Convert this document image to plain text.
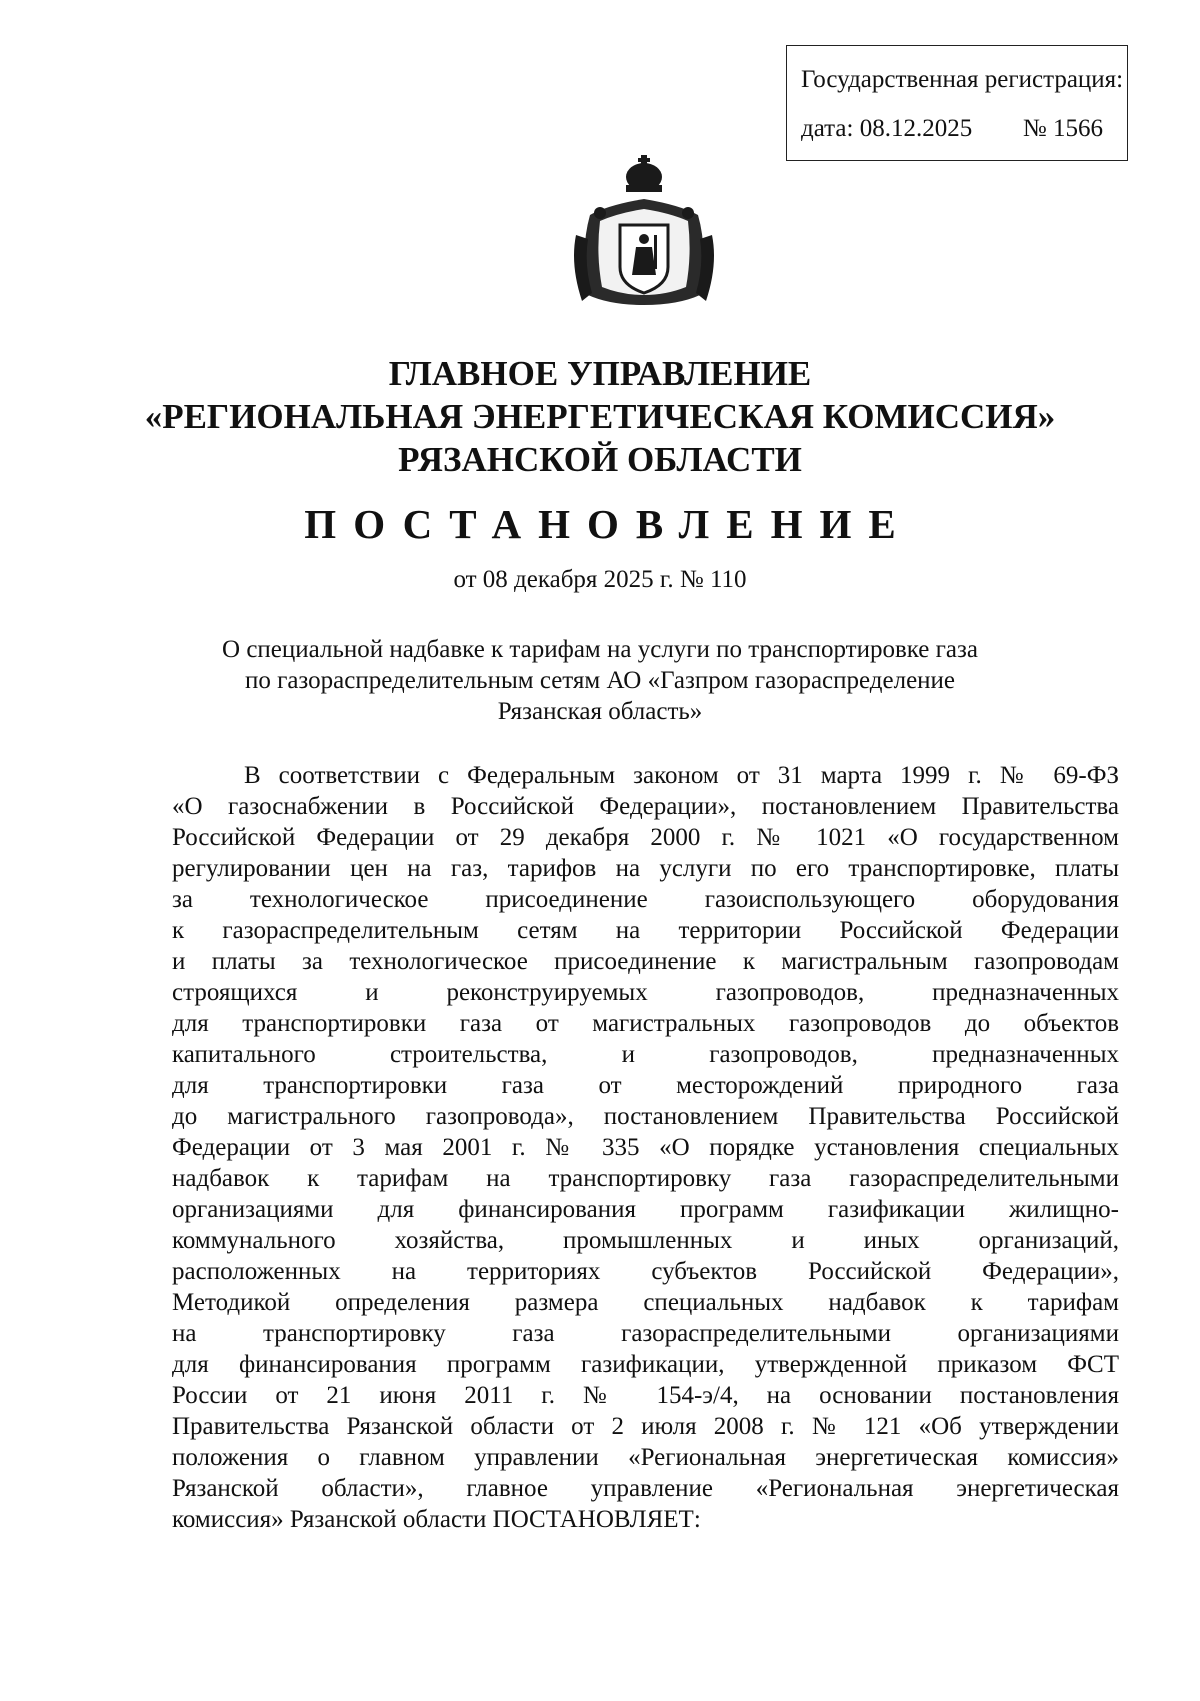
Государственная регистрация:
дата: 08.12.2025 № 1566
ГЛАВНОЕ УПРАВЛЕНИЕ
«РЕГИОНАЛЬНАЯ ЭНЕРГЕТИЧЕСКАЯ КОМИССИЯ»
РЯЗАНСКОЙ ОБЛАСТИ
ПОСТАНОВЛЕНИЕ
от 08 декабря 2025 г. № 110
О специальной надбавке к тарифам на услуги по транспортировке газа
по газораспределительным сетям АО «Газпром газораспределение
Рязанская область»
В соответствии с Федеральным законом от 31 марта 1999 г. № 69-ФЗ
«О газоснабжении в Российской Федерации», постановлением Правительства
Российской Федерации от 29 декабря 2000 г. № 1021 «О государственном
регулировании цен на газ, тарифов на услуги по его транспортировке, платы
за технологическое присоединение газоиспользующего оборудования
к газораспределительным сетям на территории Российской Федерации
и платы за технологическое присоединение к магистральным газопроводам
строящихся и реконструируемых газопроводов, предназначенных
для транспортировки газа от магистральных газопроводов до объектов
капитального строительства, и газопроводов, предназначенных
для транспортировки газа от месторождений природного газа
до магистрального газопровода», постановлением Правительства Российской
Федерации от 3 мая 2001 г. № 335 «О порядке установления специальных
надбавок к тарифам на транспортировку газа газораспределительными
организациями для финансирования программ газификации жилищно-
коммунального хозяйства, промышленных и иных организаций,
расположенных на территориях субъектов Российской Федерации»,
Методикой определения размера специальных надбавок к тарифам
на транспортировку газа газораспределительными организациями
для финансирования программ газификации, утвержденной приказом ФСТ
России от 21 июня 2011 г. № 154-э/4, на основании постановления
Правительства Рязанской области от 2 июля 2008 г. № 121 «Об утверждении
положения о главном управлении «Региональная энергетическая комиссия»
Рязанской области», главное управление «Региональная энергетическая
комиссия» Рязанской области ПОСТАНОВЛЯЕТ:
